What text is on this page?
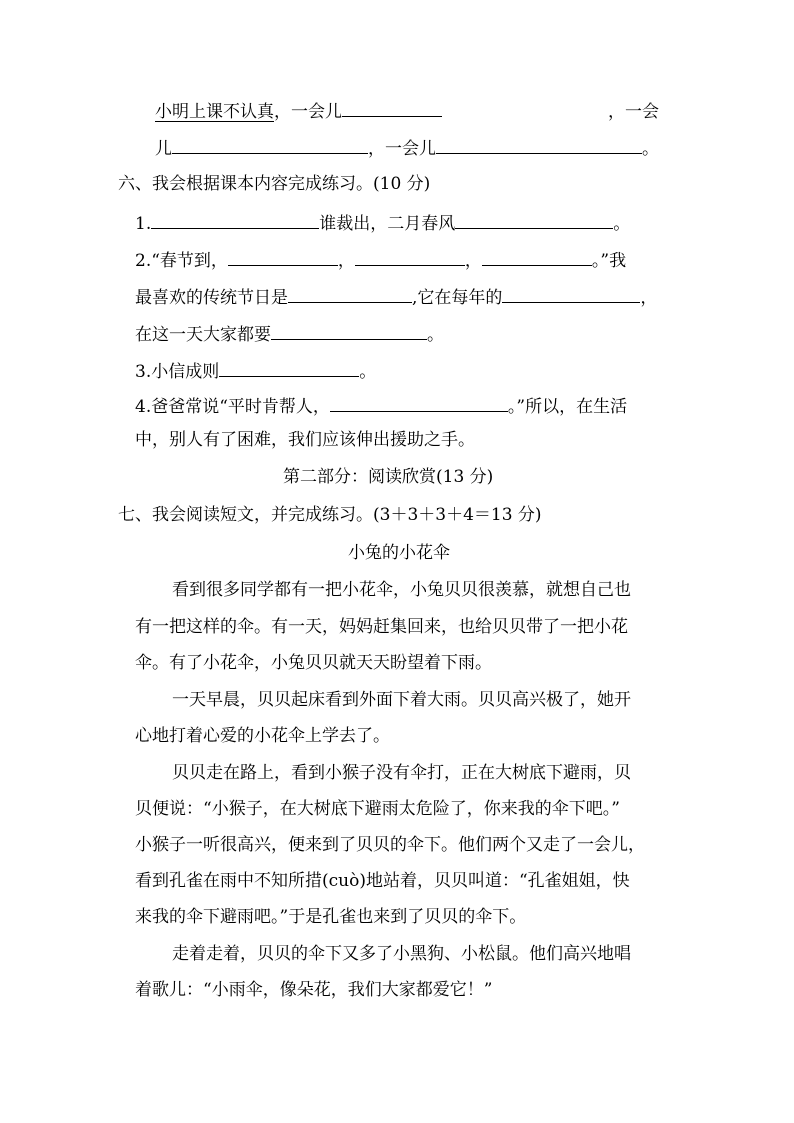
小明上课不认真，一会儿	，一会
儿	，一会儿	。
六、我会根据课本内容完成练习。(10 分)
1.	谁裁出，二月春风	。
2.“春节到，	，	，	。”我
最喜欢的传统节日是	,它在每年的	，
在这一天大家都要	。
3.小信成则	。
4.爸爸常说“平时肯帮人，	。”所以，在生活
中，别人有了困难，我们应该伸出援助之手。
第二部分：阅读欣赏(13 分)
七、我会阅读短文，并完成练习。(3＋3＋3＋4＝13 分)
小兔的小花伞
看到很多同学都有一把小花伞，小兔贝贝很羡慕，就想自己也
有一把这样的伞。有一天，妈妈赶集回来，也给贝贝带了一把小花
伞。有了小花伞，小兔贝贝就天天盼望着下雨。
一天早晨，贝贝起床看到外面下着大雨。贝贝高兴极了，她开
心地打着心爱的小花伞上学去了。
贝贝走在路上，看到小猴子没有伞打，正在大树底下避雨，贝
贝便说：“小猴子，在大树底下避雨太危险了，你来我的伞下吧。”
小猴子一听很高兴，便来到了贝贝的伞下。他们两个又走了一会儿，
看到孔雀在雨中不知所措(cuò)地站着，贝贝叫道：“孔雀姐姐，快
来我的伞下避雨吧。”于是孔雀也来到了贝贝的伞下。
走着走着，贝贝的伞下又多了小黑狗、小松鼠。他们高兴地唱
着歌儿：“小雨伞，像朵花，我们大家都爱它！”
